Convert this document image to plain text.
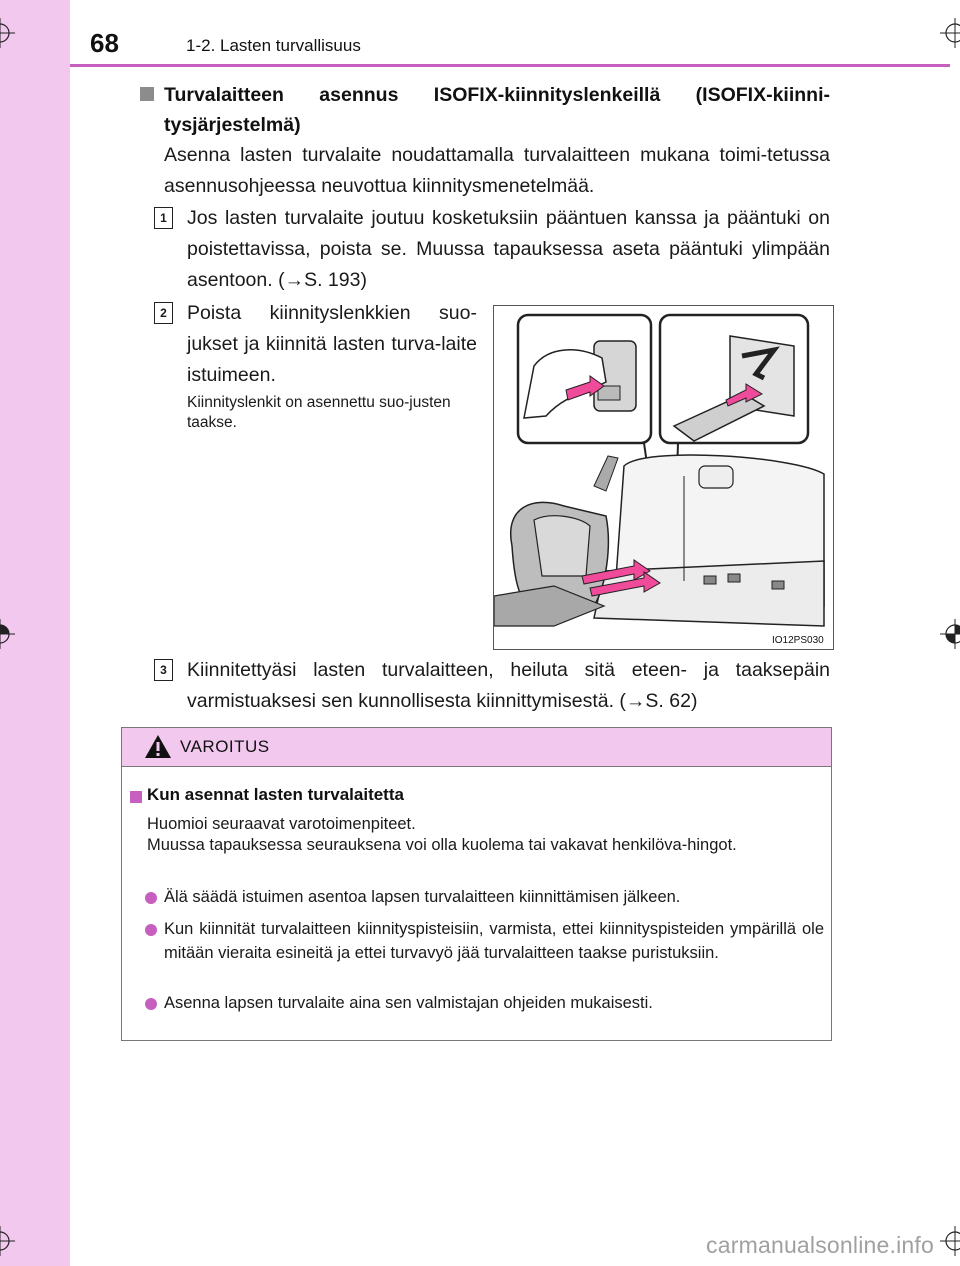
68	1-2. Lasten turvallisuus
Turvalaitteen asennus ISOFIX-kiinnityslenkeillä (ISOFIX-kiinni-tysjärjestelmä)
Asenna lasten turvalaite noudattamalla turvalaitteen mukana toimi-tetussa asennusohjeessa neuvottua kiinnitysmenetelmää.
1	Jos lasten turvalaite joutuu kosketuksiin pääntuen kanssa ja pääntuki on poistettavissa, poista se. Muussa tapauksessa aseta pääntuki ylimpään asentoon. (→S. 193)
2	Poista kiinnityslenkkien suo-jukset ja kiinnitä lasten turva-laite istuimeen.
Kiinnityslenkit on asennettu suo-justen taakse.
IO12PS030
3	Kiinnitettyäsi lasten turvalaitteen, heiluta sitä eteen- ja taaksepäin varmistuaksesi sen kunnollisesta kiinnittymisestä. (→S. 62)
VAROITUS
Kun asennat lasten turvalaitetta
Huomioi seuraavat varotoimenpiteet.
Muussa tapauksessa seurauksena voi olla kuolema tai vakavat henkilöva-hingot.
Älä säädä istuimen asentoa lapsen turvalaitteen kiinnittämisen jälkeen.
Kun kiinnität turvalaitteen kiinnityspisteisiin, varmista, ettei kiinnityspisteiden ympärillä ole mitään vieraita esineitä ja ettei turvavyö jää turvalaitteen taakse puristuksiin.
Asenna lapsen turvalaite aina sen valmistajan ohjeiden mukaisesti.
carmanualsonline.info
